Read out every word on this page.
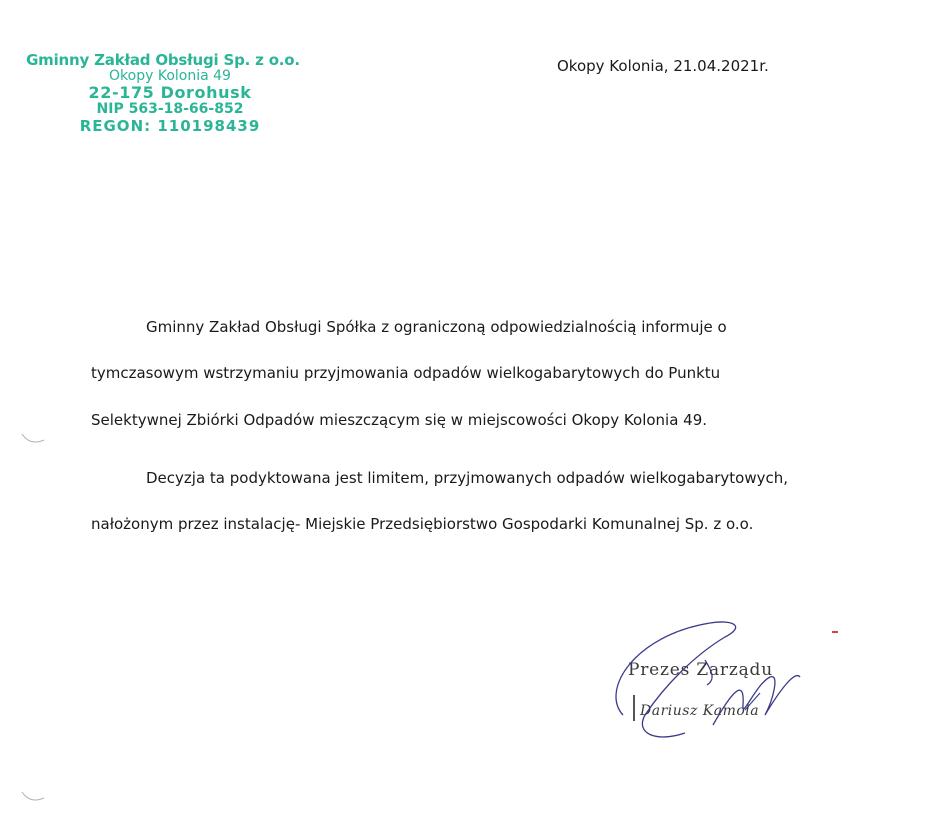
Gminny Zakład Obsługi Sp. z o.o.
Okopy Kolonia 49
22-175 Dorohusk
NIP 563-18-66-852
REGON: 110198439
Okopy Kolonia, 21.04.2021r.
Gminny Zakład Obsługi Spółka z ograniczoną odpowiedzialnością informuje o
tymczasowym wstrzymaniu przyjmowania odpadów wielkogabarytowych do Punktu
Selektywnej Zbiórki Odpadów mieszczącym się w miejscowości Okopy Kolonia 49.
Decyzja ta podyktowana jest limitem, przyjmowanych odpadów wielkogabarytowych,
nałożonym przez instalację- Miejskie Przedsiębiorstwo Gospodarki Komunalnej Sp. z o.o.
Prezes Zarządu
Dariusz Kamola
